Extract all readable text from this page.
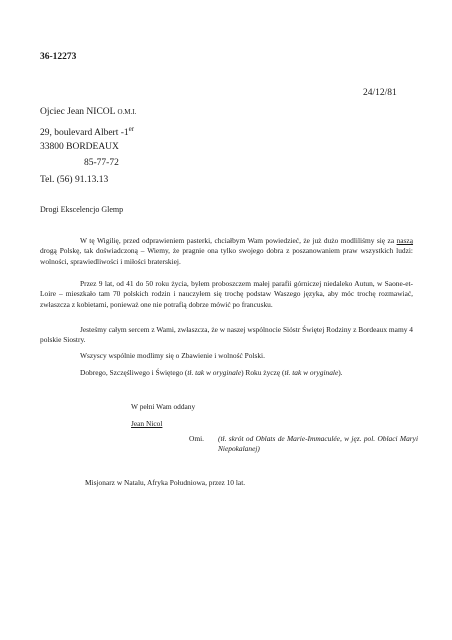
36-12273
24/12/81
Ojciec Jean NICOL O.M.I.
29, boulevard Albert -1er
33800 BORDEAUX
85-77-72
Tel. (56) 91.13.13
Drogi Ekscelencjo Glemp
W tę Wigilię, przed odprawieniem pasterki, chciałbym Wam powiedzieć, że już dużo modliliśmy się za naszą drogą Polskę, tak doświadczoną – Wiemy, że pragnie ona tylko swojego dobra z poszanowaniem praw wszystkich ludzi: wolności, sprawiedliwości i miłości braterskiej.
Przez 9 lat, od 41 do 50 roku życia, byłem proboszczem małej parafii górniczej niedaleko Autun, w Saone-et-Loire – mieszkało tam 70 polskich rodzin i nauczyłem się trochę podstaw Waszego języka, aby móc trochę rozmawiać, zwłaszcza z kobietami, ponieważ one nie potrafią dobrze mówić po francusku.
Jesteśmy całym sercem z Wami, zwłaszcza, że w naszej wspólnocie Sióstr Świętej Rodziny z Bordeaux mamy 4 polskie Siostry.
Wszyscy wspólnie modlimy się o Zbawienie i wolność Polski.
Dobrego, Szczęśliwego i Świętego (tł. tak w oryginale) Roku życzę (tł. tak w oryginale).
W pełni Wam oddany
Jean Nicol
Omi. (tł. skrót od Oblats de Marie-Immaculée, w jęz. pol. Oblaci Maryi Niepokalanej)
Misjonarz w Natalu, Afryka Południowa, przez 10 lat.
